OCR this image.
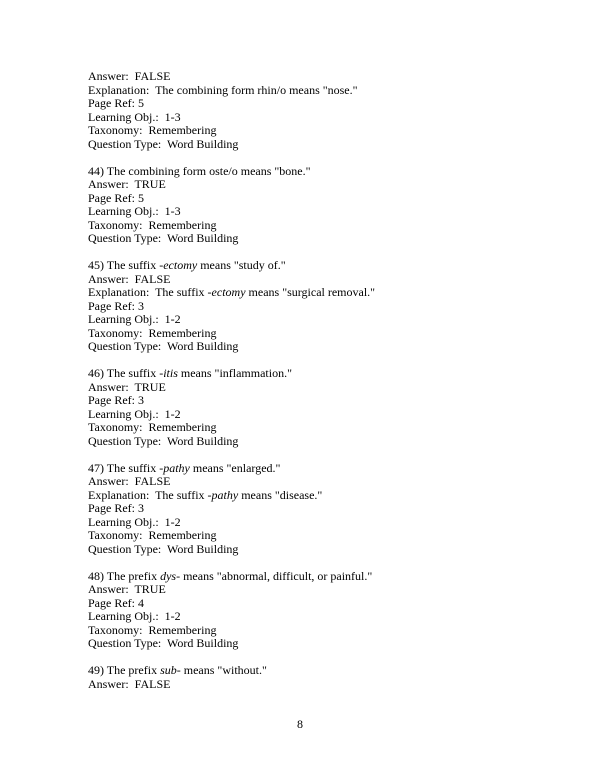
Answer:  FALSE
Explanation:  The combining form rhin/o means "nose."
Page Ref: 5
Learning Obj.:  1-3
Taxonomy:  Remembering
Question Type:  Word Building
44) The combining form oste/o means "bone."
Answer:  TRUE
Page Ref: 5
Learning Obj.:  1-3
Taxonomy:  Remembering
Question Type:  Word Building
45) The suffix -ectomy means "study of."
Answer:  FALSE
Explanation:  The suffix -ectomy means "surgical removal."
Page Ref: 3
Learning Obj.:  1-2
Taxonomy:  Remembering
Question Type:  Word Building
46) The suffix -itis means "inflammation."
Answer:  TRUE
Page Ref: 3
Learning Obj.:  1-2
Taxonomy:  Remembering
Question Type:  Word Building
47) The suffix -pathy means "enlarged."
Answer:  FALSE
Explanation:  The suffix -pathy means "disease."
Page Ref: 3
Learning Obj.:  1-2
Taxonomy:  Remembering
Question Type:  Word Building
48) The prefix dys- means "abnormal, difficult, or painful."
Answer:  TRUE
Page Ref: 4
Learning Obj.:  1-2
Taxonomy:  Remembering
Question Type:  Word Building
49) The prefix sub- means "without."
Answer:  FALSE
8
